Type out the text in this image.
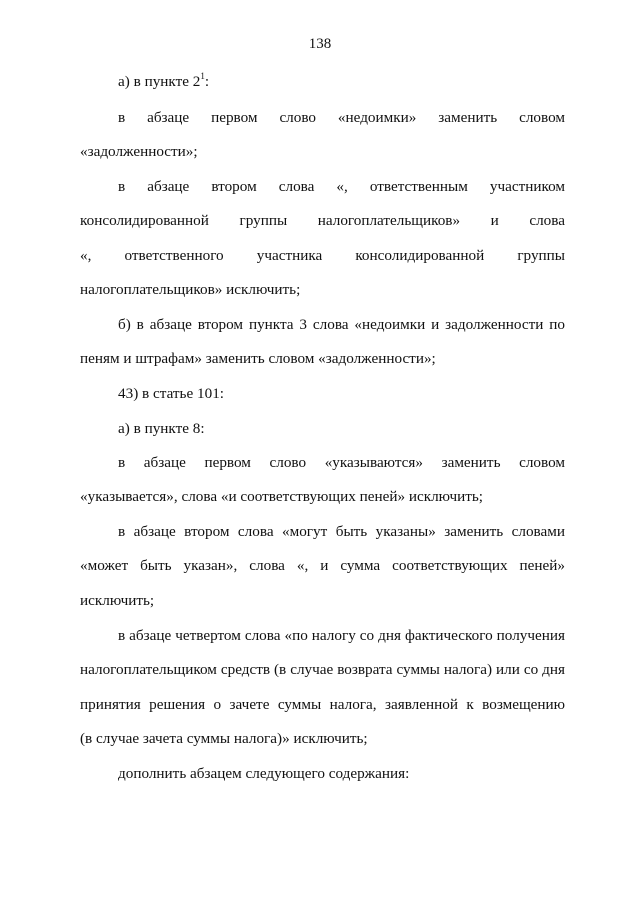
138
а) в пункте $2^1$:
в абзаце первом слово «недоимки» заменить словом
«задолженности»;
в абзаце втором слова «, ответственным участником
консолидированной группы налогоплательщиков» и слова
«, ответственного участника консолидированной группы
налогоплательщиков» исключить;
б) в абзаце втором пункта 3 слова «недоимки и задолженности по
пеням и штрафам» заменить словом «задолженности»;
43) в статье 101:
а) в пункте 8:
в абзаце первом слово «указываются» заменить словом
«указывается», слова «и соответствующих пеней» исключить;
в абзаце втором слова «могут быть указаны» заменить словами
«может быть указан», слова «, и сумма соответствующих пеней»
исключить;
в абзаце четвертом слова «по налогу со дня фактического получения
налогоплательщиком средств (в случае возврата суммы налога) или со дня
принятия решения о зачете суммы налога, заявленной к возмещению
(в случае зачета суммы налога)» исключить;
дополнить абзацем следующего содержания:
